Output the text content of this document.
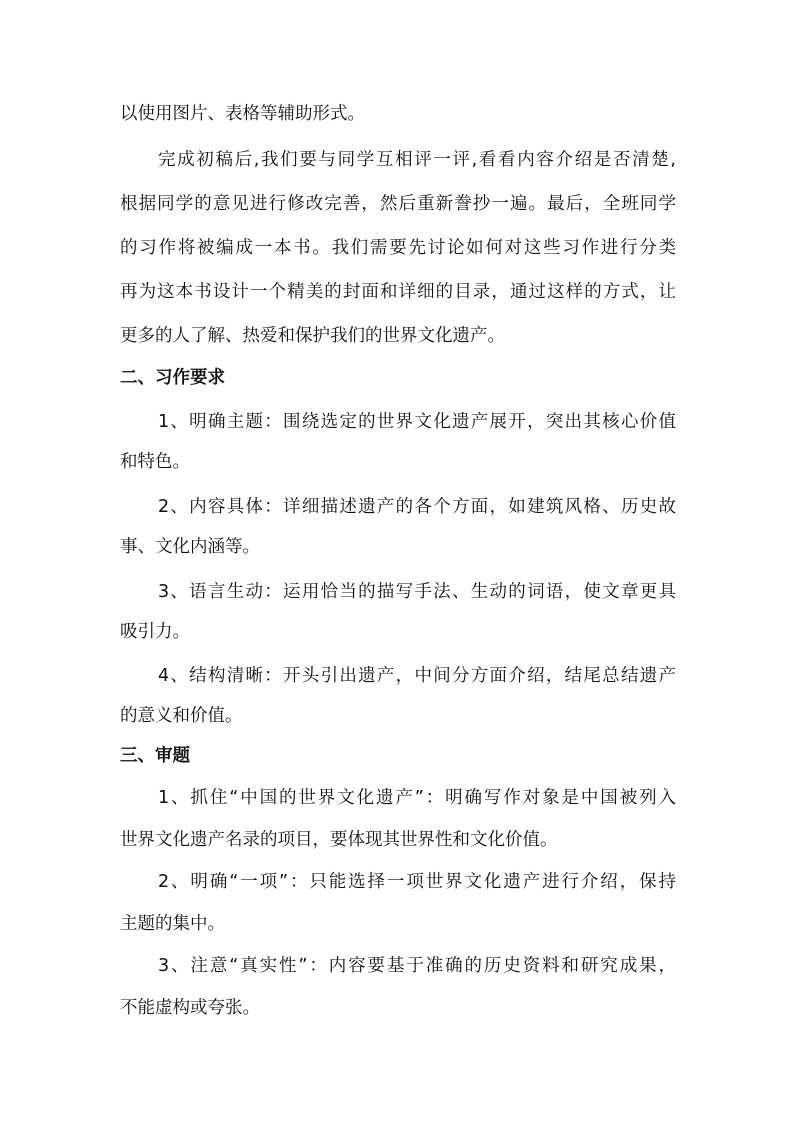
以使用图片、表格等辅助形式。
完成初稿后,我们要与同学互相评一评,看看内容介绍是否清楚,
根据同学的意见进行修改完善，然后重新誊抄一遍。最后，全班同学
的习作将被编成一本书。我们需要先讨论如何对这些习作进行分类
再为这本书设计一个精美的封面和详细的目录，通过这样的方式，让
更多的人了解、热爱和保护我们的世界文化遗产。
二、习作要求
1、明确主题：围绕选定的世界文化遗产展开，突出其核心价值
和特色。
2、内容具体：详细描述遗产的各个方面，如建筑风格、历史故
事、文化内涵等。
3、语言生动：运用恰当的描写手法、生动的词语，使文章更具
吸引力。
4、结构清晰：开头引出遗产，中间分方面介绍，结尾总结遗产
的意义和价值。
三、审题
1、抓住“中国的世界文化遗产”：明确写作对象是中国被列入
世界文化遗产名录的项目，要体现其世界性和文化价值。
2、明确“一项”：只能选择一项世界文化遗产进行介绍，保持
主题的集中。
3、注意“真实性”：内容要基于准确的历史资料和研究成果，
不能虚构或夸张。
